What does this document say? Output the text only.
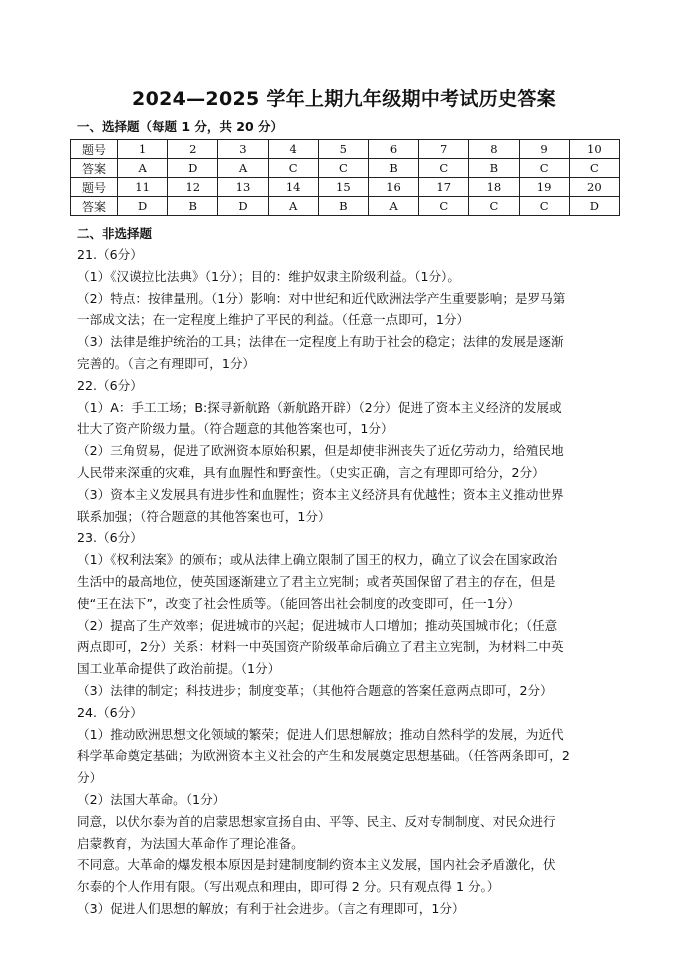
2024—2025 学年上期九年级期中考试历史答案
一、选择题（每题 1 分，共 20 分）
题号	1	2	3	4	5	6	7	8	9	10
答案	A	D	A	C	C	B	C	B	C	C
题号	11	12	13	14	15	16	17	18	19	20
答案	D	B	D	A	B	A	C	C	C	D
二、非选择题

21.（6分）

（1）《汉谟拉比法典》（1分）；目的：维护奴隶主阶级利益。（1分）。

（2）特点：按律量刑。（1分）影响：对中世纪和近代欧洲法学产生重要影响；是罗马第

一部成文法；在一定程度上维护了平民的利益。（任意一点即可，1分）

（3）法律是维护统治的工具；法律在一定程度上有助于社会的稳定；法律的发展是逐渐

完善的。（言之有理即可，1分）

22.（6分）

（1）A：手工工场；B:探寻新航路（新航路开辟）（2分）促进了资本主义经济的发展或

壮大了资产阶级力量。（符合题意的其他答案也可，1分）

（2）三角贸易，促进了欧洲资本原始积累，但是却使非洲丧失了近亿劳动力，给殖民地

人民带来深重的灾难，具有血腥性和野蛮性。（史实正确，言之有理即可给分，2分）

（3）资本主义发展具有进步性和血腥性；资本主义经济具有优越性；资本主义推动世界

联系加强；（符合题意的其他答案也可，1分）

23.（6分）

（1）《权利法案》的颁布；或从法律上确立限制了国王的权力，确立了议会在国家政治

生活中的最高地位，使英国逐渐建立了君主立宪制；或者英国保留了君主的存在，但是

使“王在法下”，改变了社会性质等。（能回答出社会制度的改变即可，任一1分）

（2）提高了生产效率；促进城市的兴起；促进城市人口增加；推动英国城市化；（任意

两点即可，2分）关系：材料一中英国资产阶级革命后确立了君主立宪制，为材料二中英

国工业革命提供了政治前提。（1分）

（3）法律的制定；科技进步；制度变革；（其他符合题意的答案任意两点即可，2分）

24.（6分）

（1）推动欧洲思想文化领域的繁荣；促进人们思想解放；推动自然科学的发展，为近代

科学革命奠定基础；为欧洲资本主义社会的产生和发展奠定思想基础。（任答两条即可，2

分）

（2）法国大革命。（1分）

同意，以伏尔泰为首的启蒙思想家宣扬自由、平等、民主、反对专制制度、对民众进行

启蒙教育，为法国大革命作了理论准备。

不同意。大革命的爆发根本原因是封建制度制约资本主义发展，国内社会矛盾激化，伏

尔泰的个人作用有限。（写出观点和理由，即可得 2 分。只有观点得 1 分。）

（3）促进人们思想的解放；有利于社会进步。（言之有理即可，1分）
